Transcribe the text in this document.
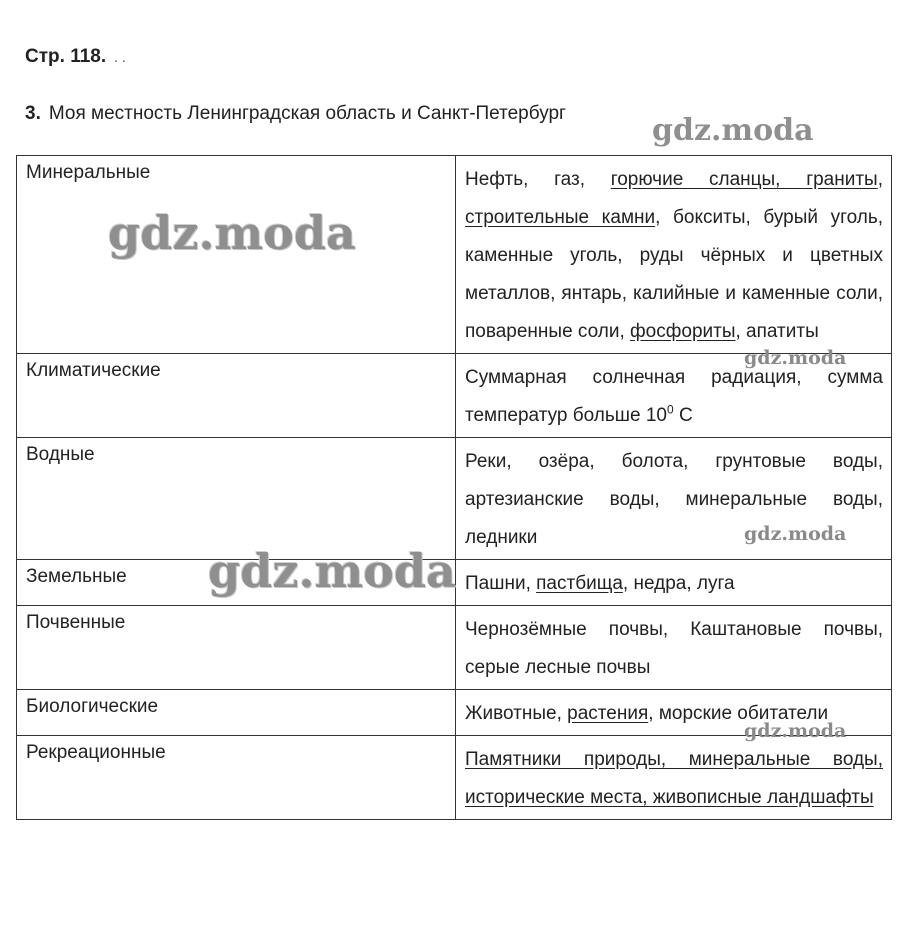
Стр. 118. . .
3. Моя местность Ленинградская область и Санкт-Петербург
Минеральные	Нефть, газ, горючие сланцы, граниты, строительные камни, бокситы, бурый уголь, каменные уголь, руды чёрных и цветных металлов, янтарь, калийные и каменные соли, поваренные соли, фосфориты, апатиты
Климатические	Суммарная солнечная радиация, сумма температур больше $10^0$ С
Водные	Реки, озёра, болота, грунтовые воды, артезианские воды, минеральные воды, ледники
Земельные	Пашни, пастбища, недра, луга
Почвенные	Чернозёмные почвы, Каштановые почвы, серые лесные почвы
Биологические	Животные, растения, морские обитатели
Рекреационные	Памятники природы, минеральные воды, исторические места, живописные ландшафты
gdz.moda
gdz.moda
gdz.moda
gdz.moda
gdz.moda
gdz.moda
